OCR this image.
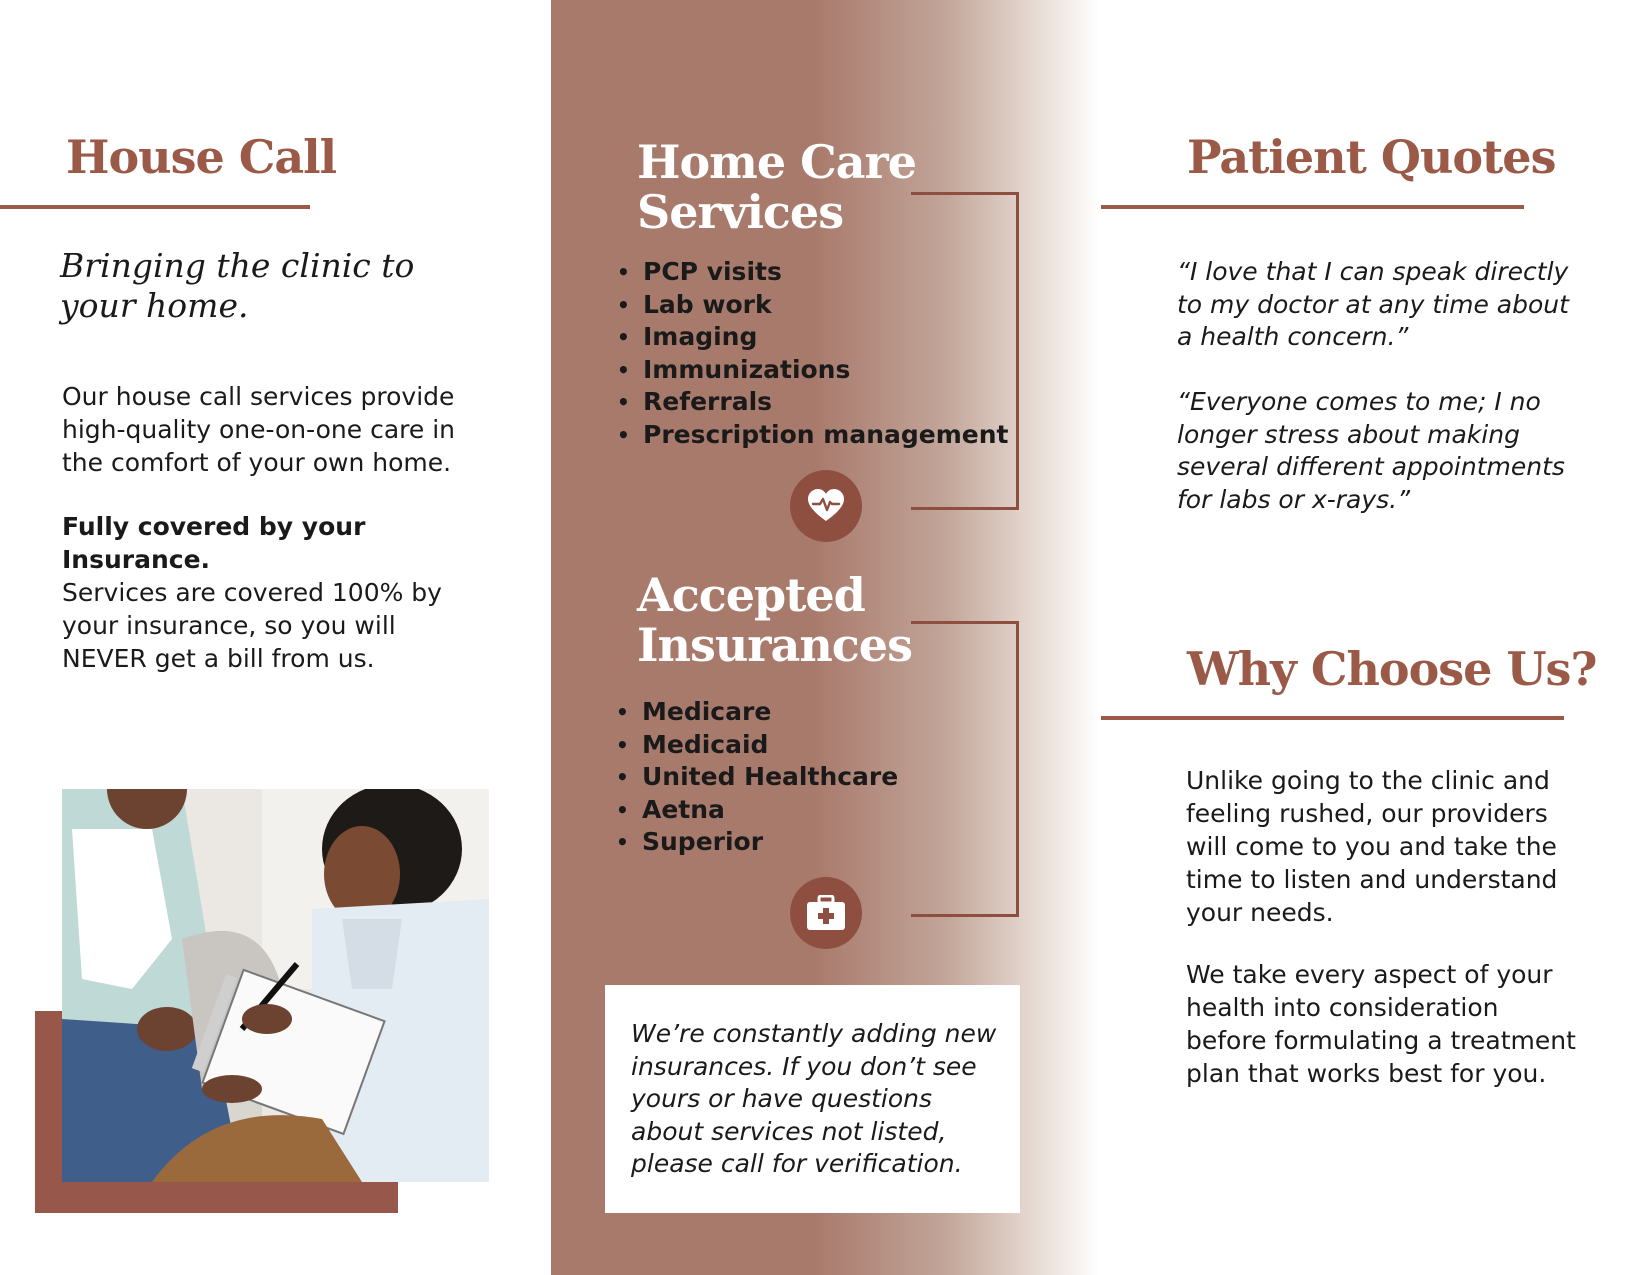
House Call
Bringing the clinic to your home.
Our house call services provide high-quality one-on-one care in the comfort of your own home.
Fully covered by your Insurance.
Services are covered 100% by your insurance, so you will NEVER get a bill from us.
Home Care Services
• PCP visits
• Lab work
• Imaging
• Immunizations
• Referrals
• Prescription management
Accepted Insurances
• Medicare
• Medicaid
• United Healthcare
• Aetna
• Superior
We’re constantly adding new insurances. If you don’t see yours or have questions about services not listed, please call for verification.
Patient Quotes
“I love that I can speak directly to my doctor at any time about a health concern.”
“Everyone comes to me; I no longer stress about making several different appointments for labs or x-rays.”
Why Choose Us?
Unlike going to the clinic and feeling rushed, our providers will come to you and take the time to listen and understand your needs.
We take every aspect of your health into consideration before formulating a treatment plan that works best for you.
